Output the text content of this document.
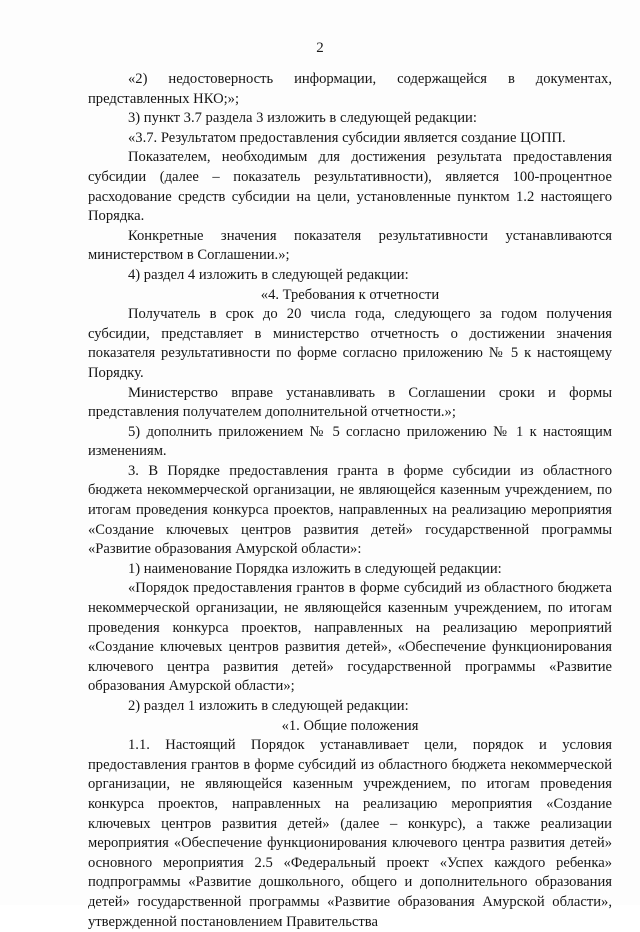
2

«2) недостоверность информации, содержащейся в документах, представленных НКО;»;

3) пункт 3.7 раздела 3 изложить в следующей редакции:

«3.7. Результатом предоставления субсидии является создание ЦОПП.

Показателем, необходимым для достижения результата предоставления субсидии (далее – показатель результативности), является 100-процентное расходование средств субсидии на цели, установленные пунктом 1.2 настоящего Порядка.

Конкретные значения показателя результативности устанавливаются министерством в Соглашении.»;

4) раздел 4 изложить в следующей редакции:

«4. Требования к отчетности

Получатель в срок до 20 числа года, следующего за годом получения субсидии, представляет в министерство отчетность о достижении значения показателя результативности по форме согласно приложению № 5 к настоящему Порядку.

Министерство вправе устанавливать в Соглашении сроки и формы представления получателем дополнительной отчетности.»;

5) дополнить приложением № 5 согласно приложению № 1 к настоящим изменениям.

3. В Порядке предоставления гранта в форме субсидии из областного бюджета некоммерческой организации, не являющейся казенным учреждением, по итогам проведения конкурса проектов, направленных на реализацию мероприятия «Создание ключевых центров развития детей» государственной программы «Развитие образования Амурской области»:

1) наименование Порядка изложить в следующей редакции:

«Порядок предоставления грантов в форме субсидий из областного бюджета некоммерческой организации, не являющейся казенным учреждением, по итогам проведения конкурса проектов, направленных на реализацию мероприятий «Создание ключевых центров развития детей», «Обеспечение функционирования ключевого центра развития детей» государственной программы «Развитие образования Амурской области»;

2) раздел 1 изложить в следующей редакции:

«1. Общие положения

1.1. Настоящий Порядок устанавливает цели, порядок и условия предоставления грантов в форме субсидий из областного бюджета некоммерческой организации, не являющейся казенным учреждением, по итогам проведения конкурса проектов, направленных на реализацию мероприятия «Создание ключевых центров развития детей» (далее – конкурс), а также реализации мероприятия «Обеспечение функционирования ключевого центра развития детей» основного мероприятия 2.5 «Федеральный проект «Успех каждого ребенка» подпрограммы «Развитие дошкольного, общего и дополнительного образования детей» государственной программы «Развитие образования Амурской области», утвержденной постановлением Правительства
